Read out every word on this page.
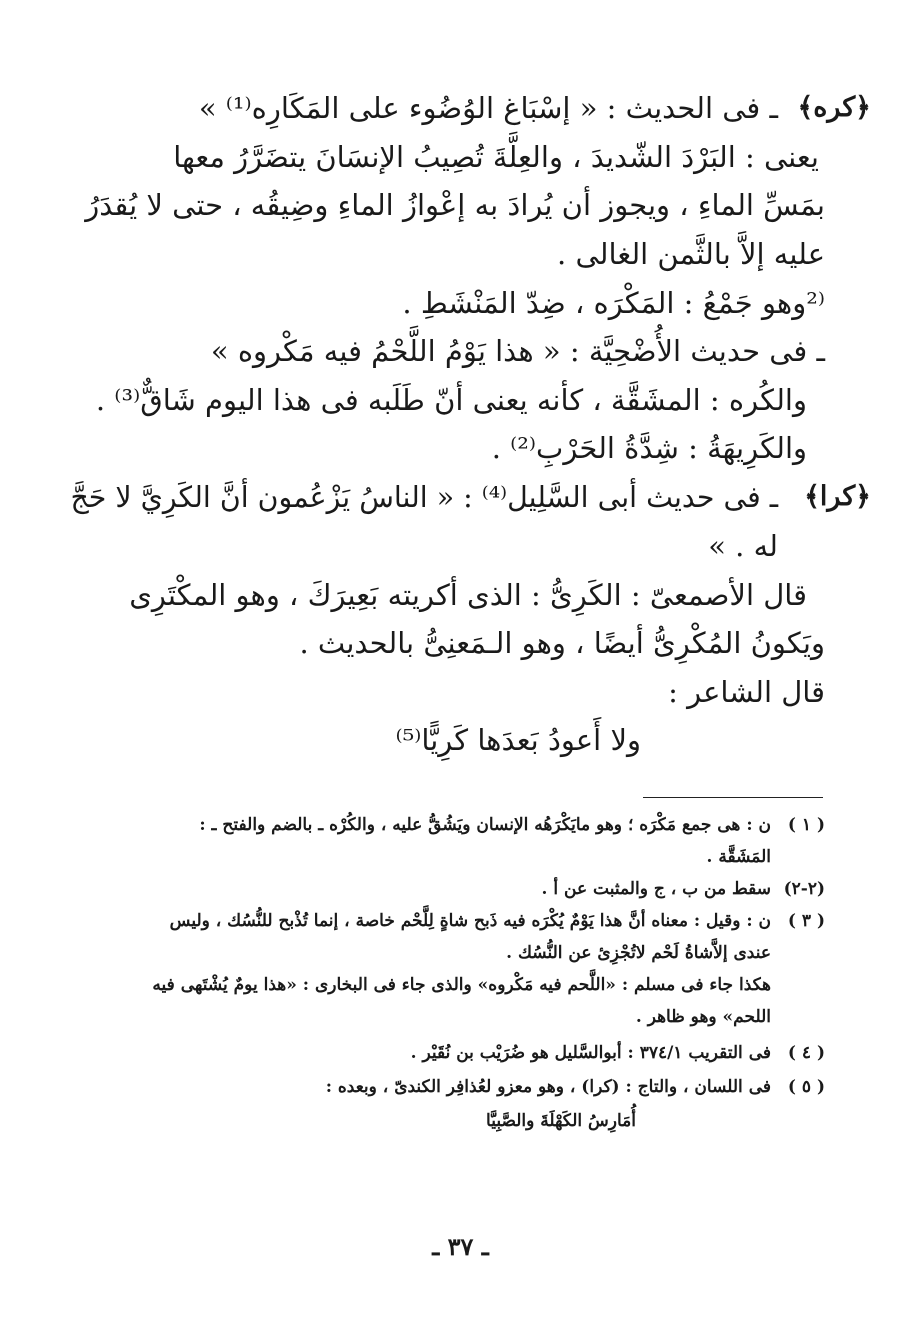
﴿كره﴾
ـ فى الحديث : « إسْبَاغ الوُضُوء على المَكَارِه⁽¹⁾ »
يعنى : البَرْدَ الشّديدَ ، والعِلَّةَ تُصِيبُ الإنسَانَ يتضَرَّرُ معها
بمَسِّ الماءِ ، ويجوز أن يُرادَ به إعْوازُ الماءِ وضِيقُه ، حتى لا يُقدَرُ
عليه إلاَّ بالثَّمن الغالى .
⁽²وهو جَمْعُ : المَكْرَه ، ضِدّ المَنْشَطِ .
ـ فى حديث الأُضْحِيَّة : « هذا يَوْمُ اللَّحْمُ فيه مَكْروه »
والكُره : المشَقَّة ، كأنه يعنى أنّ طَلَبه فى هذا اليوم شَاقٌّ⁽³⁾ .
والكَرِيهَةُ : شِدَّةُ الحَرْبِ⁽²⁾ .
﴿كرا﴾
ـ فى حديث أبى السَّلِيل⁽⁴⁾ : « الناسُ يَزْعُمون أنَّ الكَرِيَّ لا حَجَّ
له . »
قال الأصمعىّ : الكَرِىُّ : الذى أكريته بَعِيرَكَ ، وهو المكْتَرِى
ويَكونُ المُكْرِىُّ أيضًا ، وهو الـمَعنِىُّ بالحديث .
قال الشاعر :
ولا أَعودُ بَعدَها كَرِيًّا⁽⁵⁾
( ١ )
ن : هى جمع مَكْرَه ؛ وهو مايَكْرَهُه الإنسان ويَشُقُّ عليه ، والكُرْه ـ بالضم والفتح ـ :
المَشَقَّة .
(٢-٢)
سقط من ب ، ج والمثبت عن أ .
( ٣ )
ن : وقيل : معناه أنَّ هذا يَوْمٌ يُكْرَه فيه ذَبح شاةٍ لِلَّحْم خاصة ، إنما تُذْبح للنُّسُك ، وليس
عندى إلاَّشاةُ لَحْم لاتُجْزِئ عن النُّسُك .
هكذا جاء فى مسلم : «اللَّحم فيه مَكْروه» والذى جاء فى البخارى : «هذا يومٌ يُشْتَهى فيه
اللحم» وهو ظاهر .
( ٤ )
فى التقريب ٣٧٤/١ : أبوالسَّليل هو ضُرَيْب بن نُقَيْر .
( ٥ )
فى اللسان ، والتاج : (كرا) ، وهو معزو لعُذافِر الكندىّ ، وبعده :
أُمَارِسُ الكَهْلَةَ والصَّبِيَّا
ـ ٣٧ ـ
